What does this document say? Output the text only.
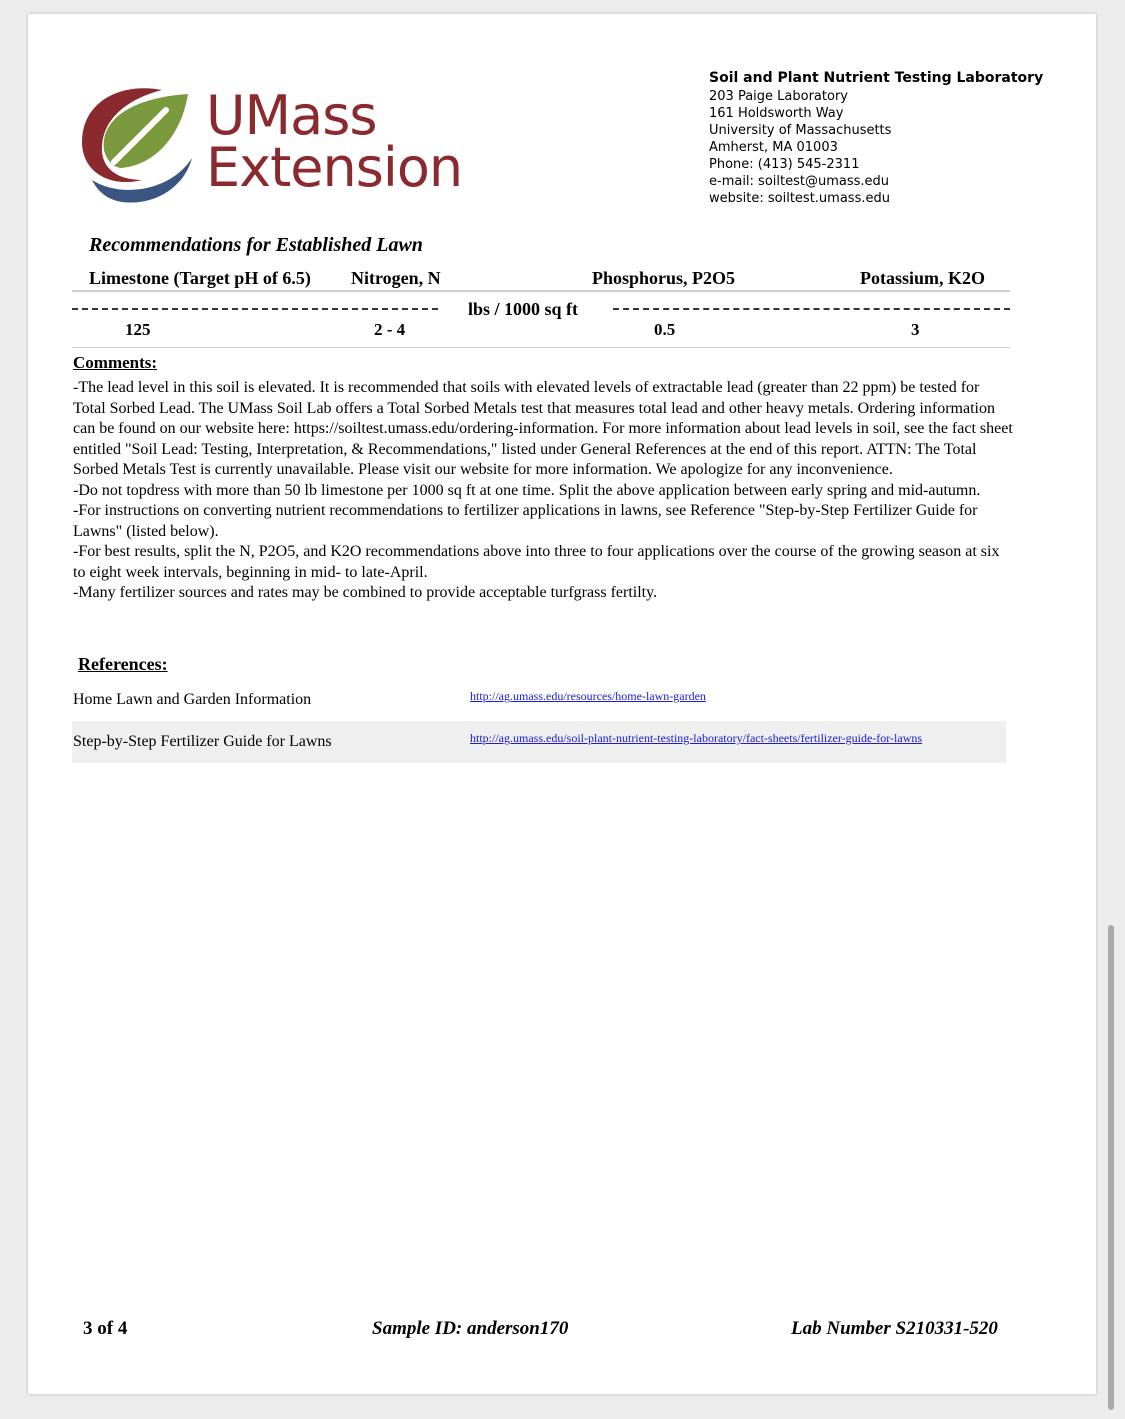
UMass
Extension
Soil and Plant Nutrient Testing Laboratory
203 Paige Laboratory
161 Holdsworth Way
University of Massachusetts
Amherst, MA 01003
Phone: (413) 545-2311
e-mail: soiltest@umass.edu
website: soiltest.umass.edu
Recommendations for Established Lawn
Limestone (Target pH of 6.5) Nitrogen, N	Phosphorus, P2O5	Potassium, K2O
lbs / 1000 sq ft
125	2 - 4	0.5	3
Comments:

-The lead level in this soil is elevated. It is recommended that soils with elevated levels of extractable lead (greater than 22 ppm) be tested for Total Sorbed Lead. The UMass Soil Lab offers a Total Sorbed Metals test that measures total lead and other heavy metals. Ordering information can be found on our website here: https://soiltest.umass.edu/ordering-information. For more information about lead levels in soil, see the fact sheet entitled "Soil Lead: Testing, Interpretation, & Recommendations," listed under General References at the end of this report. ATTN: The Total Sorbed Metals Test is currently unavailable. Please visit our website for more information. We apologize for any inconvenience.

-Do not topdress with more than 50 lb limestone per 1000 sq ft at one time. Split the above application between early spring and mid-autumn.

-For instructions on converting nutrient recommendations to fertilizer applications in lawns, see Reference "Step-by-Step Fertilizer Guide for Lawns" (listed below).

-For best results, split the N, P2O5, and K2O recommendations above into three to four applications over the course of the growing season at six to eight week intervals, beginning in mid- to late-April.

-Many fertilizer sources and rates may be combined to provide acceptable turfgrass fertilty.

References:
Home Lawn and Garden Information	http://ag.umass.edu/resources/home-lawn-garden
Step-by-Step Fertilizer Guide for Lawns	http://ag.umass.edu/soil-plant-nutrient-testing-laboratory/fact-sheets/fertilizer-guide-for-lawns
3 of 4	Sample ID: anderson170	Lab Number S210331-520
